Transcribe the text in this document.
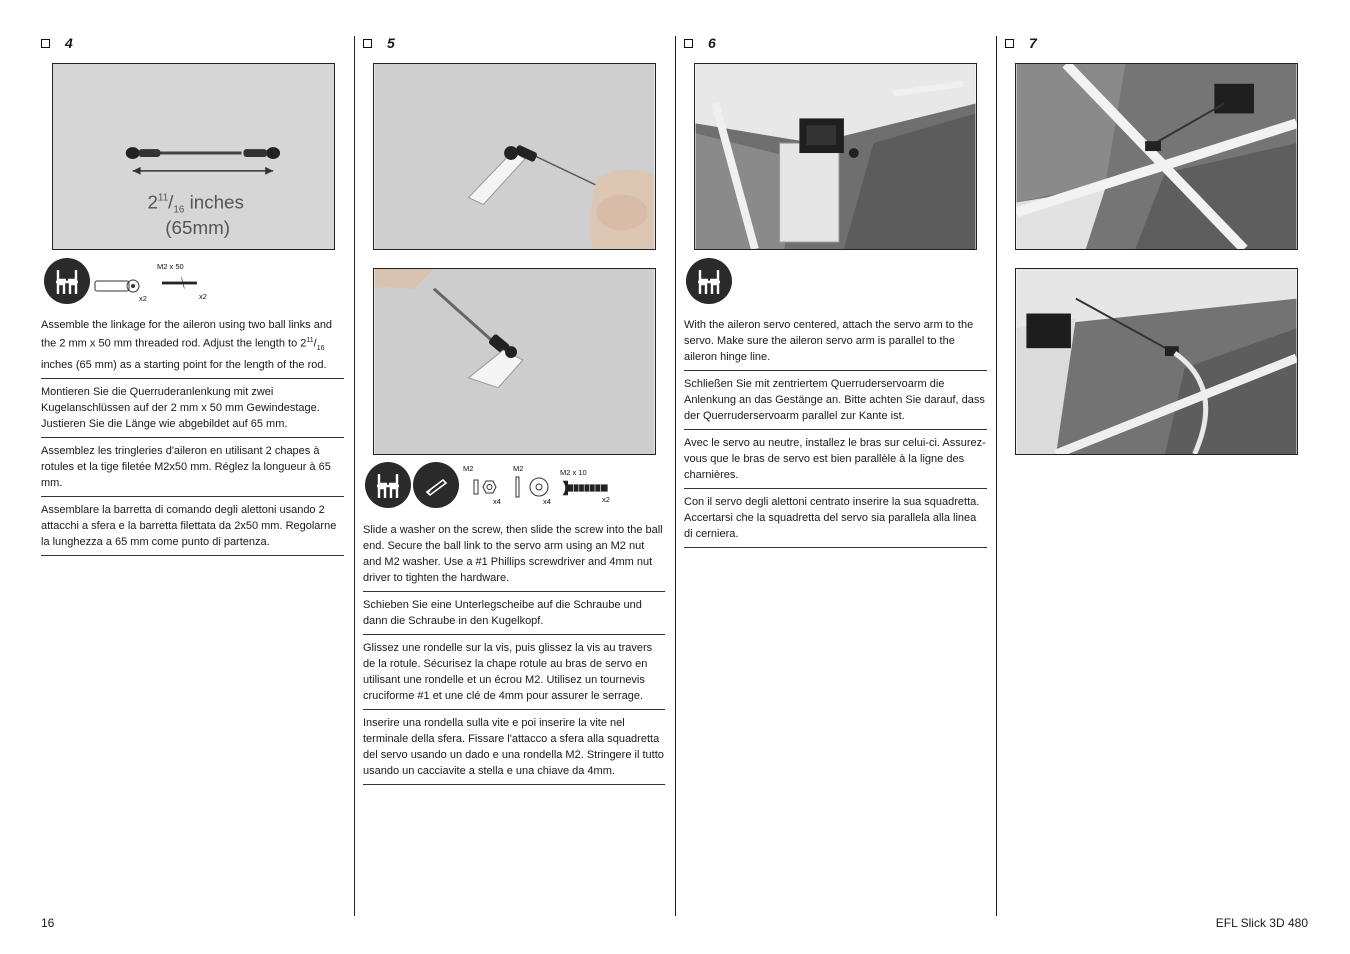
4
$2^{11}/_{16}$ inches
(65mm)
x2
M2 x 50
x2
Assemble the linkage for the aileron using two ball links and the 2 mm x 50 mm threaded rod. Adjust the length to $2^{11}/_{16}$ inches (65 mm) as a starting point for the length of the rod.
Montieren Sie die Querruderanlenkung mit zwei Kugelanschlüssen auf der 2 mm x 50 mm Gewindestage. Justieren Sie die Länge wie abgebildet auf 65 mm.
Assemblez les tringleries d'aileron en utilisant 2 chapes à rotules et la tige filetée M2x50 mm. Réglez la longueur à 65 mm.
Assemblare la barretta di comando degli alettoni usando 2 attacchi a sfera e la barretta filettata da 2x50 mm. Regolarne la lunghezza a 65 mm come punto di partenza.
5
M2
x4
M2
x4
M2 x 10
x2
Slide a washer on the screw, then slide the screw into the ball end. Secure the ball link to the servo arm using an M2 nut and M2 washer. Use a #1 Phillips screwdriver and 4mm nut driver to tighten the hardware.
Schieben Sie eine Unterlegscheibe auf die Schraube und dann die Schraube in den Kugelkopf.
Glissez une rondelle sur la vis, puis glissez la vis au travers de la rotule. Sécurisez la chape rotule au bras de servo en utilisant une rondelle et un écrou M2. Utilisez un tournevis cruciforme #1 et une clé de 4mm pour assurer le serrage.
Inserire una rondella sulla vite e poi inserire la vite nel terminale della sfera. Fissare l'attacco a sfera alla squadretta del servo usando un dado e una rondella M2. Stringere il tutto usando un cacciavite a stella e una chiave da 4mm.
6
With the aileron servo centered, attach the servo arm to the servo. Make sure the aileron servo arm is parallel to the aileron hinge line.
Schließen Sie mit zentriertem Querruderservoarm die Anlenkung an das Gestänge an. Bitte achten Sie darauf, dass der Querruderservoarm parallel zur Kante ist.
Avec le servo au neutre, installez le bras sur celui-ci. Assurez-vous que le bras de servo est bien parallèle à la ligne des charnières.
Con il servo degli alettoni centrato inserire la sua squadretta. Accertarsi che la squadretta del servo sia parallela alla linea di cerniera.
7
16	EFL Slick 3D 480
